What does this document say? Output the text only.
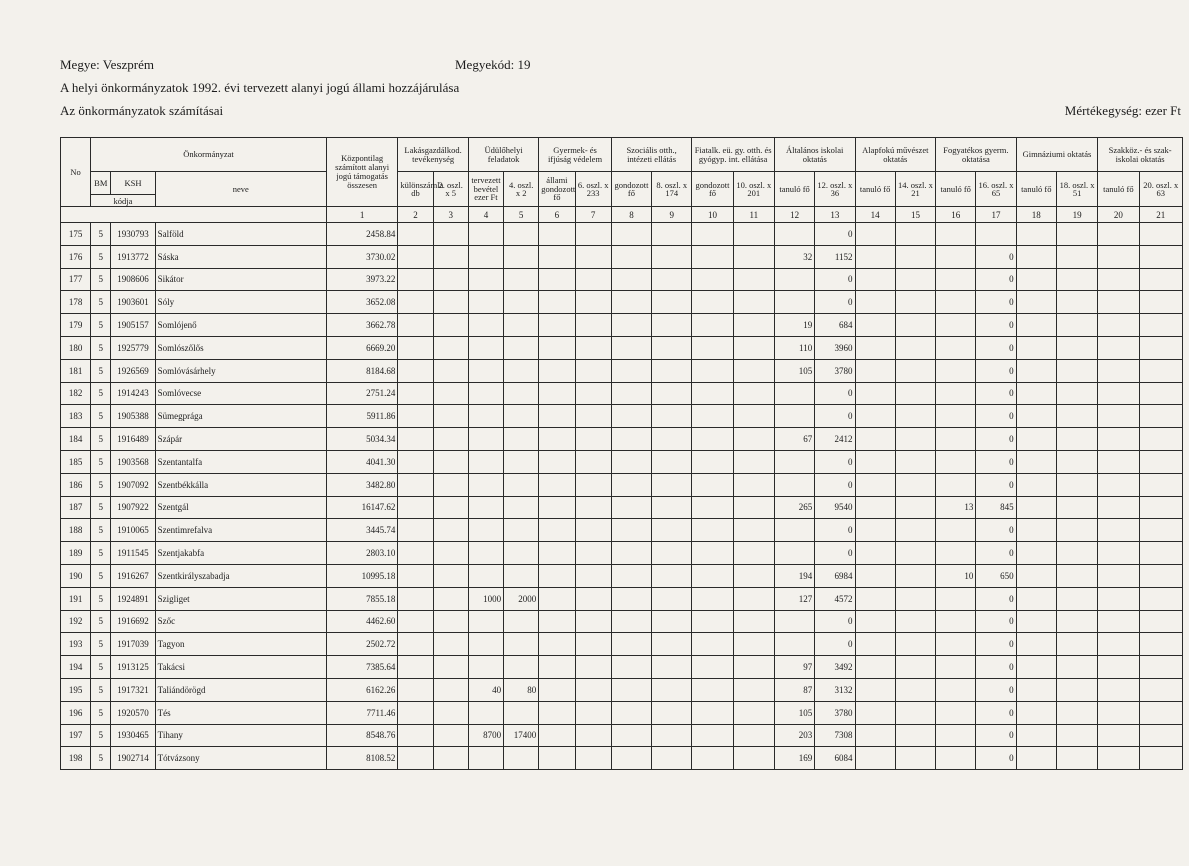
Megye: Veszprém	Megyekód: 19
A helyi önkormányzatok 1992. évi tervezett alanyi jogú állami hozzájárulása
Az önkormányzatok számításai	Mértékegység: ezer Ft
No	Önkormányzat			Központilag számított alanyi jogú támogatás összesen	Lakásgazdálkod. tevékenység		Üdülőhelyi feladatok		Gyermek- és ifjúság védelem		Szociális otth., intézeti ellátás		Fiatalk. eü. gy. otth. és gyógyp. int. ellátása		Általános iskolai oktatás		Alapfokú művészet oktatás		Fogyatékos gyerm. oktatása		Gimnáziumi oktatás		Szakköz.- és szak- iskolai oktatás	
	BM	KSH	neve		különszámla db	2. oszl. x 5	tervezett bevétel ezer Ft	4. oszl. x 2	állami gondozott fő	6. oszl. x 233	gondozott fő	8. oszl. x 174	gondozott fő	10. oszl. x 201	tanuló fő	12. oszl. x 36	tanuló fő	14. oszl. x 21	tanuló fő	16. oszl. x 65	tanuló fő	18. oszl. x 51	tanuló fő	20. oszl. x 63
	kódja																							
				1	2	3	4	5	6	7	8	9	10	11	12	13	14	15	16	17	18	19	20	21
175	5	1930793	Salföld	2458.84												0								
176	5	1913772	Sáska	3730.02											32	1152				0				
177	5	1908606	Sikátor	3973.22												0				0				
178	5	1903601	Sóly	3652.08												0				0				
179	5	1905157	Somlójenő	3662.78											19	684				0				
180	5	1925779	Somlószőlős	6669.20											110	3960				0				
181	5	1926569	Somlóvásárhely	8184.68											105	3780				0				
182	5	1914243	Somlóvecse	2751.24												0				0				
183	5	1905388	Sümegprága	5911.86												0				0				
184	5	1916489	Szápár	5034.34											67	2412				0				
185	5	1903568	Szentantalfa	4041.30												0				0				
186	5	1907092	Szentbékkálla	3482.80												0				0				
187	5	1907922	Szentgál	16147.62											265	9540			13	845				
188	5	1910065	Szentimrefalva	3445.74												0				0				
189	5	1911545	Szentjakabfa	2803.10												0				0				
190	5	1916267	Szentkirályszabadja	10995.18											194	6984			10	650				
191	5	1924891	Szigliget	7855.18			1000	2000							127	4572				0				
192	5	1916692	Szőc	4462.60												0				0				
193	5	1917039	Tagyon	2502.72												0				0				
194	5	1913125	Takácsi	7385.64											97	3492				0				
195	5	1917321	Taliándörögd	6162.26			40	80							87	3132				0				
196	5	1920570	Tés	7711.46											105	3780				0				
197	5	1930465	Tihany	8548.76			8700	17400							203	7308				0				
198	5	1902714	Tótvázsony	8108.52											169	6084				0				
